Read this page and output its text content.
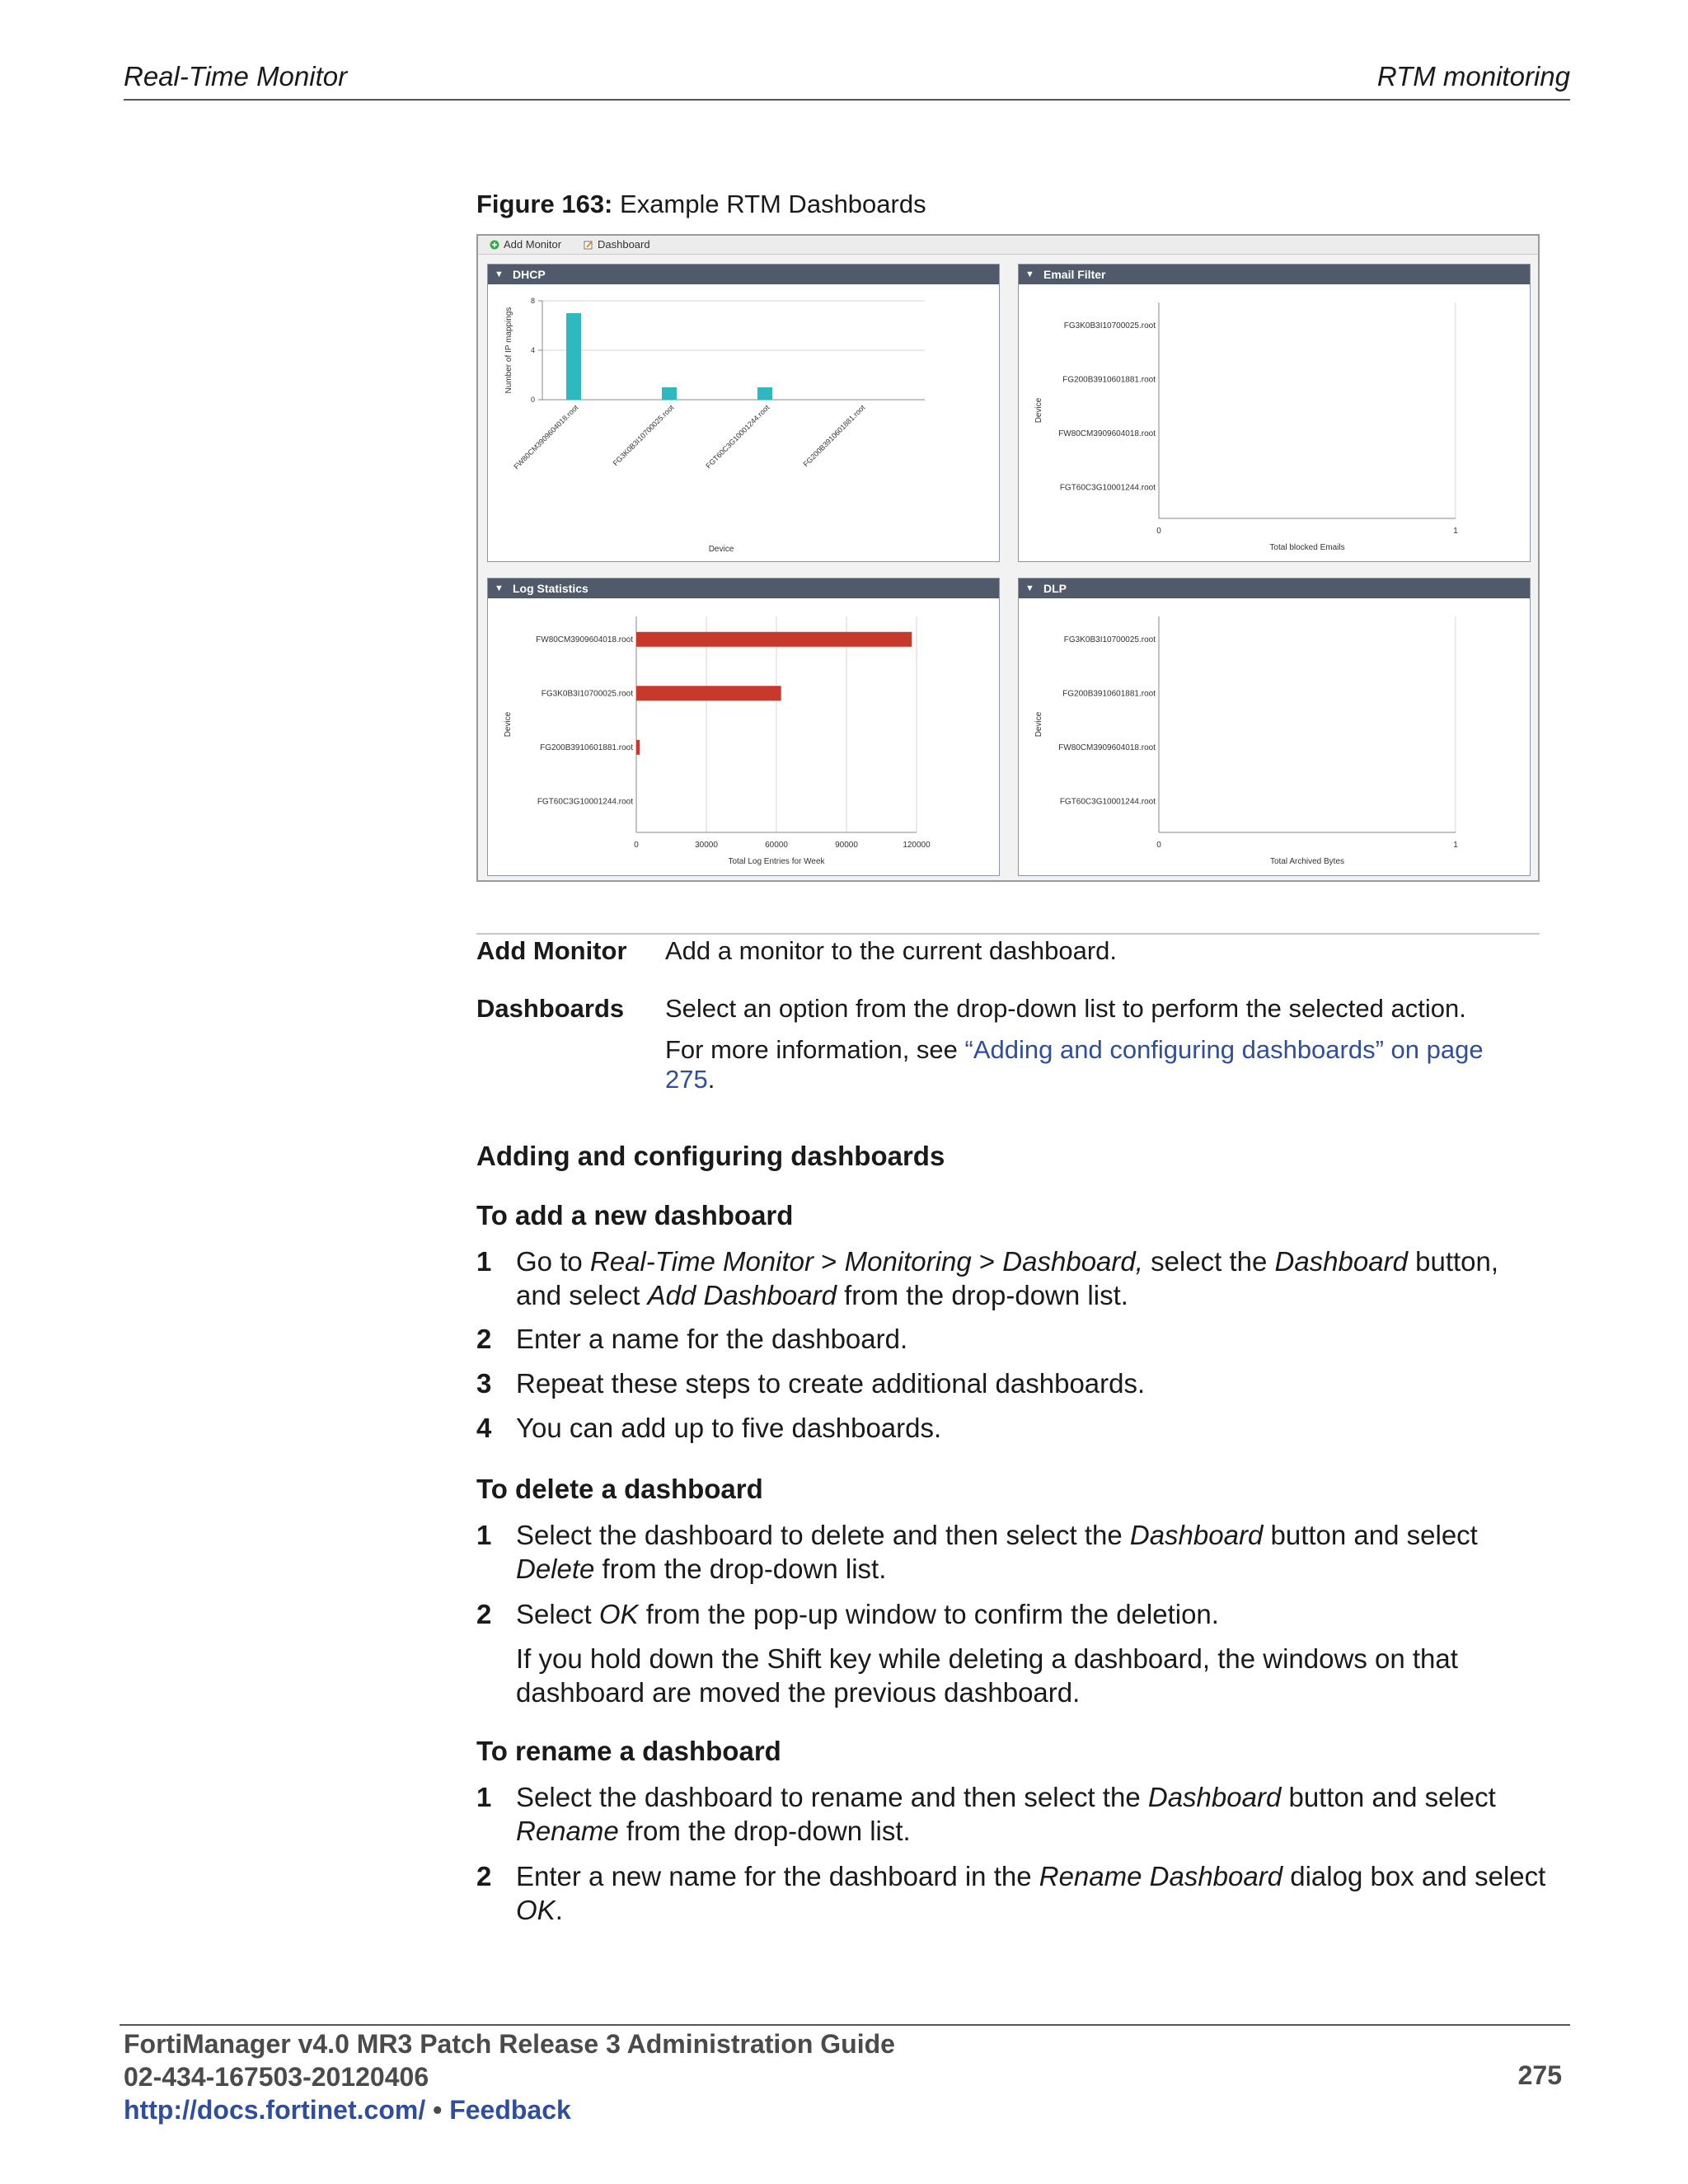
Real-Time Monitor	RTM monitoring
Figure 163: Example RTM Dashboards
Add Monitor	Dashboard
▼ DHCP
0
4
8
FW80CM3909604018.root	FG3K0B3I10700025.root	FGT60C3G10001244.root	FG200B3910601881.root
Device
Number of IP mappings
▼ Email Filter
0	1
FG3K0B3I10700025.root
FG200B3910601881.root
FW80CM3909604018.root
FGT60C3G10001244.root
Total blocked Emails
Device
▼ Log Statistics
0	30000	60000	90000	120000
FW80CM3909604018.root
FG3K0B3I10700025.root
FG200B3910601881.root
FGT60C3G10001244.root
Total Log Entries for Week
Device
▼ DLP
0	1
FG3K0B3I10700025.root
FG200B3910601881.root
FW80CM3909604018.root
FGT60C3G10001244.root
Total Archived Bytes
Device
Add Monitor Add a monitor to the current dashboard.
Dashboards Select an option from the drop-down list to perform the selected action.
For more information, see “Adding and configuring dashboards” on page 275.
Adding and configuring dashboards
To add a new dashboard
1 Go to Real-Time Monitor > Monitoring > Dashboard, select the Dashboard button, and select Add Dashboard from the drop-down list.
2 Enter a name for the dashboard.
3 Repeat these steps to create additional dashboards.
4 You can add up to five dashboards.
To delete a dashboard
1 Select the dashboard to delete and then select the Dashboard button and select Delete from the drop-down list.
2 Select OK from the pop-up window to confirm the deletion.
If you hold down the Shift key while deleting a dashboard, the windows on that dashboard are moved the previous dashboard.
To rename a dashboard
1 Select the dashboard to rename and then select the Dashboard button and select Rename from the drop-down list.
2 Enter a new name for the dashboard in the Rename Dashboard dialog box and select OK.
FortiManager v4.0 MR3 Patch Release 3 Administration Guide
02-434-167503-20120406
http://docs.fortinet.com/ • Feedback
275
